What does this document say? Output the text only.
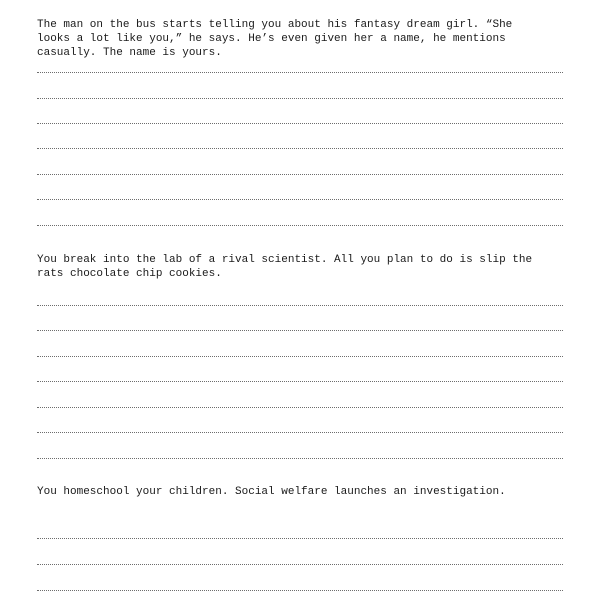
The man on the bus starts telling you about his fantasy dream girl. “She looks a lot like you,” he says. He’s even given her a name, he mentions casually. The name is yours.

You break into the lab of a rival scientist. All you plan to do is slip the rats chocolate chip cookies.

You homeschool your children. Social welfare launches an investigation.
